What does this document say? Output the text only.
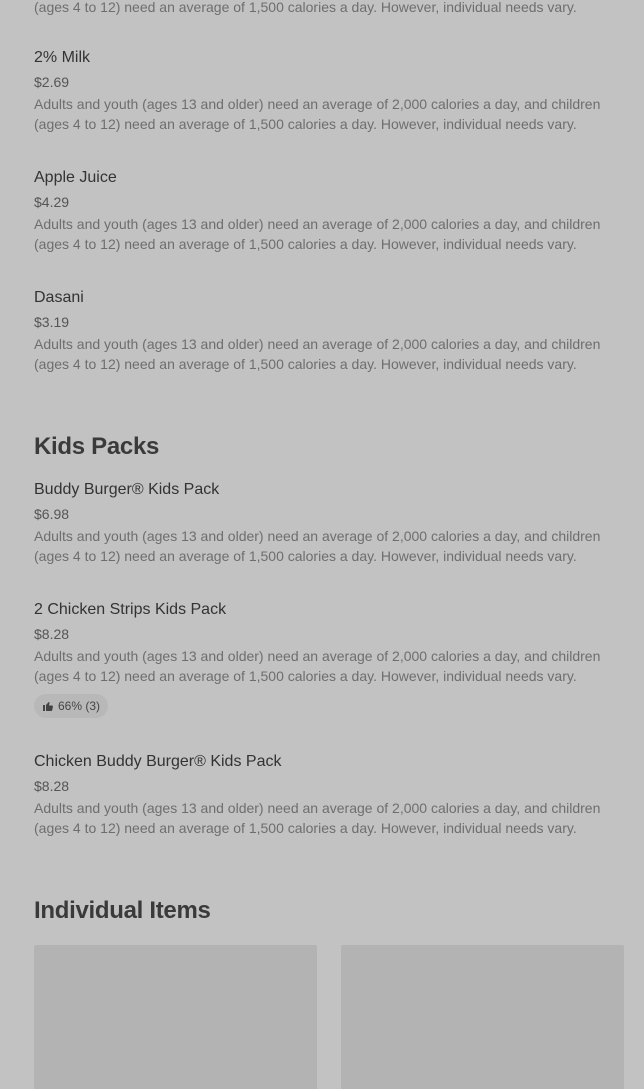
(ages 4 to 12) need an average of 1,500 calories a day. However, individual needs vary.
2% Milk
$2.69
Adults and youth (ages 13 and older) need an average of 2,000 calories a day, and children (ages 4 to 12) need an average of 1,500 calories a day. However, individual needs vary.
Apple Juice
$4.29
Adults and youth (ages 13 and older) need an average of 2,000 calories a day, and children (ages 4 to 12) need an average of 1,500 calories a day. However, individual needs vary.
Dasani
$3.19
Adults and youth (ages 13 and older) need an average of 2,000 calories a day, and children (ages 4 to 12) need an average of 1,500 calories a day. However, individual needs vary.
Kids Packs
Buddy Burger® Kids Pack
$6.98
Adults and youth (ages 13 and older) need an average of 2,000 calories a day, and children (ages 4 to 12) need an average of 1,500 calories a day. However, individual needs vary.
2 Chicken Strips Kids Pack
$8.28
Adults and youth (ages 13 and older) need an average of 2,000 calories a day, and children (ages 4 to 12) need an average of 1,500 calories a day. However, individual needs vary.
66% (3)
Chicken Buddy Burger® Kids Pack
$8.28
Adults and youth (ages 13 and older) need an average of 2,000 calories a day, and children (ages 4 to 12) need an average of 1,500 calories a day. However, individual needs vary.
Individual Items
